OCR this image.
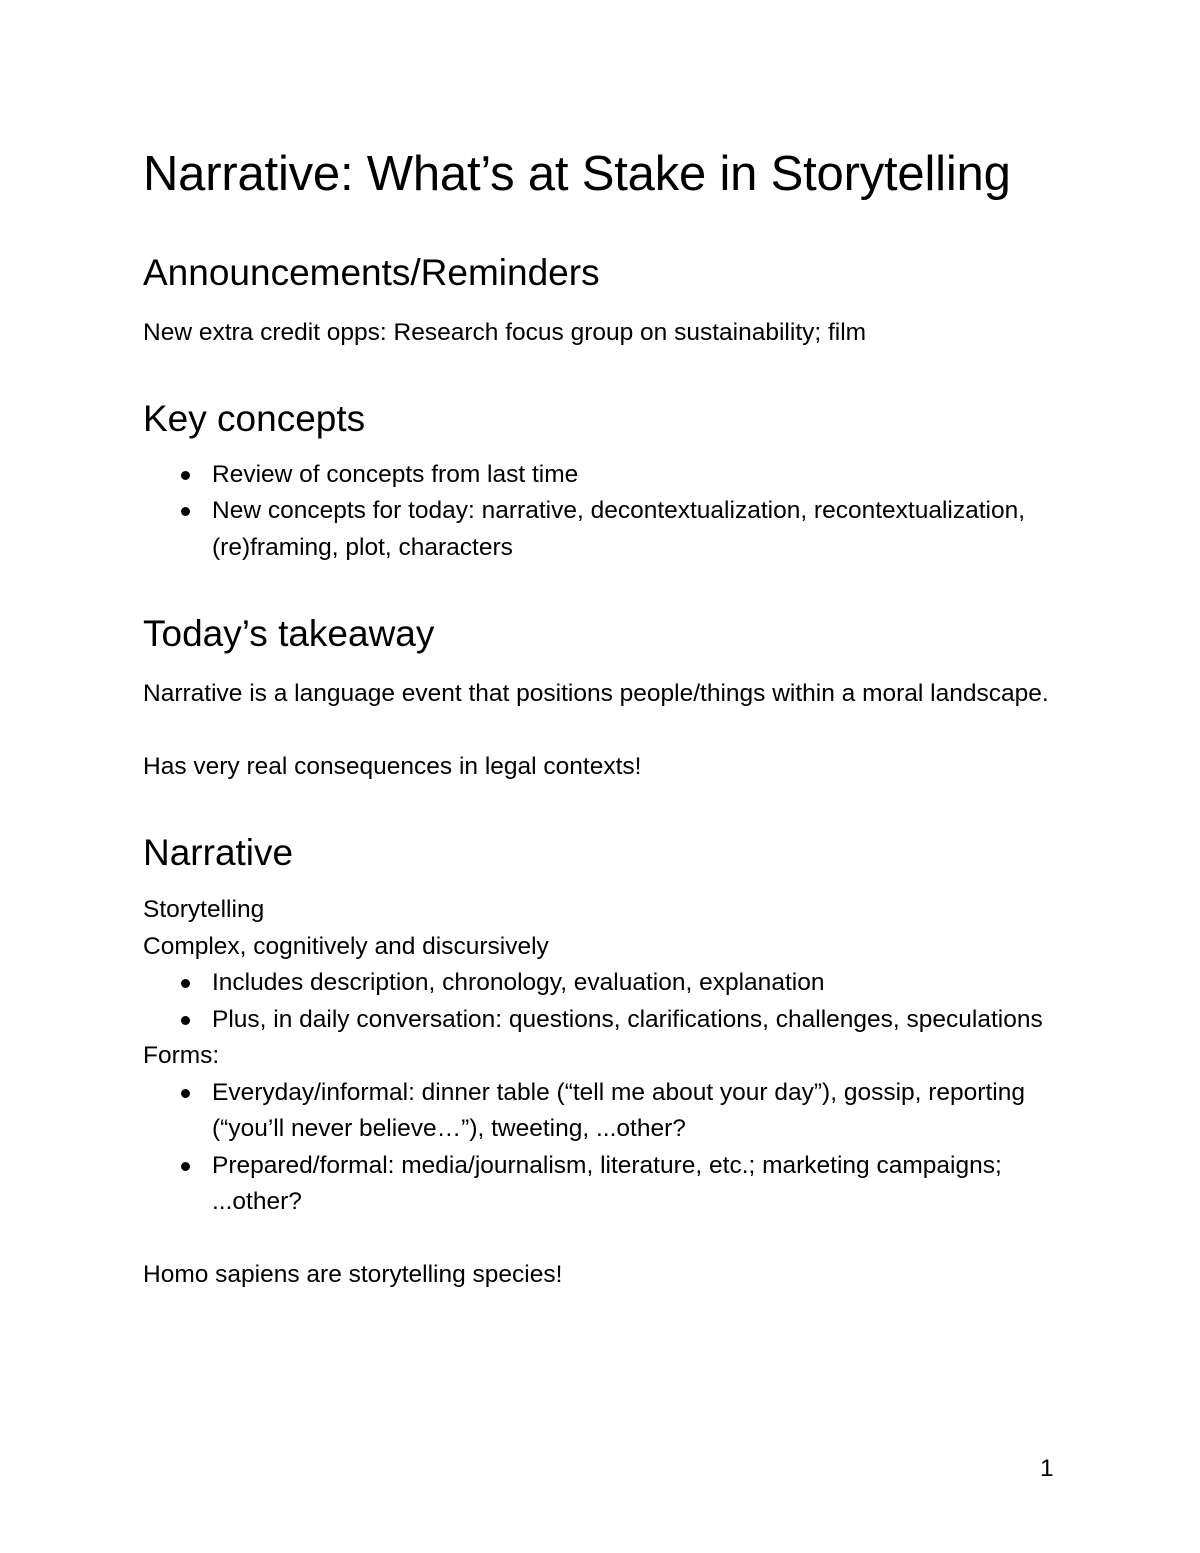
Narrative: What’s at Stake in Storytelling
Announcements/Reminders

New extra credit opps: Research focus group on sustainability; film

Key concepts
Review of concepts from last time
New concepts for today: narrative, decontextualization, recontextualization, (re)framing, plot, characters
Today’s takeaway

Narrative is a language event that positions people/things within a moral landscape.

Has very real consequences in legal contexts!

Narrative

Storytelling

Complex, cognitively and discursively

Includes description, chronology, evaluation, explanation
Plus, in daily conversation: questions, clarifications, challenges, speculations

Forms:

Everyday/informal: dinner table (“tell me about your day”), gossip, reporting (“you’ll never believe…”), tweeting, ...other?
Prepared/formal: media/journalism, literature, etc.; marketing campaigns; ...other?

Homo sapiens are storytelling species!

1
